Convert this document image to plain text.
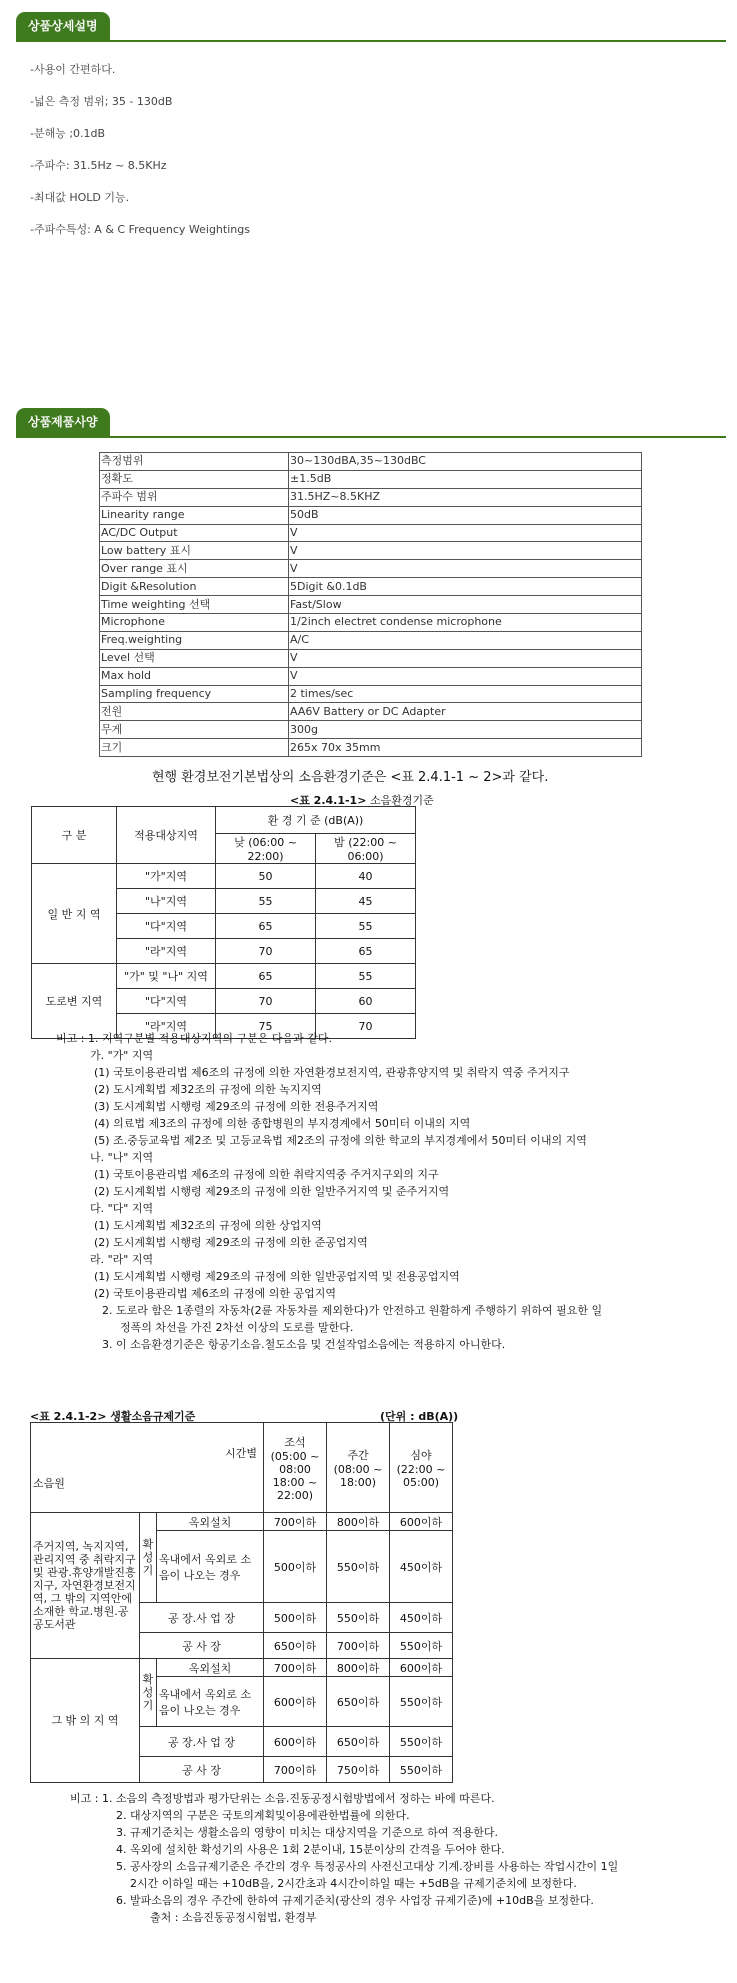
상품상세설명
-사용이 간편하다.
-넓은 측정 범위; 35 - 130dB
-분해능 ;0.1dB
-주파수: 31.5Hz ~ 8.5KHz
-최대값 HOLD 기능.
-주파수특성: A & C Frequency Weightings
상품제품사양
측정범위	30~130dBA,35~130dBC
정확도	±1.5dB
주파수 범위	31.5HZ~8.5KHZ
Linearity range	50dB
AC/DC Output	V
Low battery 표시	V
Over range 표시	V
Digit &Resolution	5Digit &0.1dB
Time weighting 선택	Fast/Slow
Microphone	1/2inch electret condense microphone
Freq.weighting	A/C
Level 선택	V
Max hold	V
Sampling frequency	2 times/sec
전원	AA6V Battery or DC Adapter
무게	300g
크기	265x 70x 35mm
현행 환경보전기본법상의 소음환경기준은 <표 2.4.1-1 ~ 2>과 같다.
<표 2.4.1-1> 소음환경기준
구 분	적용대상지역	환 경 기 준 (dB(A))	
		낮 (06:00 ~ 22:00)	밤 (22:00 ~ 06:00)
일 반 지 역	"가"지역	50	40
	"나"지역	55	45
	"다"지역	65	55
	"라"지역	70	65
도로변 지역	"가" 및 "나" 지역	65	55
	"다"지역	70	60
	"라"지역	75	70
비고 : 1. 지역구분별 적용대상지역의 구분은 다음과 같다.
가. "가" 지역
(1) 국토이용관리법 제6조의 규정에 의한 자연환경보전지역, 관광휴양지역 및 취락지 역중 주거지구
(2) 도시계획법 제32조의 규정에 의한 녹지지역
(3) 도시계획법 시행령 제29조의 규정에 의한 전용주거지역
(4) 의료법 제3조의 규정에 의한 종합병원의 부지경계에서 50미터 이내의 지역
(5) 조.중등교육법 제2조 및 고등교육법 제2조의 규정에 의한 학교의 부지경계에서 50미터 이내의 지역
나. "나" 지역
(1) 국토이용관리법 제6조의 규정에 의한 취락지역중 주거지구외의 지구
(2) 도시계획법 시행령 제29조의 규정에 의한 일반주거지역 및 준주거지역
다. "다" 지역
(1) 도시계획법 제32조의 규정에 의한 상업지역
(2) 도시계획법 시행령 제29조의 규정에 의한 준공업지역
라. "라" 지역
(1) 도시계획법 시행령 제29조의 규정에 의한 일반공업지역 및 전용공업지역
(2) 국토이용관리법 제6조의 규정에 의한 공업지역
2. 도로라 함은 1종렬의 자동차(2륜 자동차를 제외한다)가 안전하고 원활하게 주행하기 위하여 필요한 일
정폭의 차선을 가진 2차선 이상의 도로를 말한다.
3. 이 소음환경기준은 항공기소음.철도소음 및 건설작업소음에는 적용하지 아니한다.
<표 2.4.1-2> 생활소음규제기준	(단위 : dB(A))
시간별
소음원			조석 (05:00 ~ 08:00 18:00 ~ 22:00)	주간 (08:00 ~ 18:00)	심야 (22:00 ~ 05:00)
주거지역, 녹지지역, 관리지역 중 취락지구 및 관광.휴양개발진흥지구, 자연환경보전지역, 그 밖의 지역안에 소재한 학교.병원.공공도서관	확성기	옥외설치	700이하	800이하	600이하
		옥내에서 옥외로 소음이 나오는 경우	500이하	550이하	450이하
	공 장.사 업 장		500이하	550이하	450이하
	공 사 장		650이하	700이하	550이하
그 밖 의 지 역	확성기	옥외설치	700이하	800이하	600이하
		옥내에서 옥외로 소음이 나오는 경우	600이하	650이하	550이하
	공 장.사 업 장		600이하	650이하	550이하
	공 사 장		700이하	750이하	550이하
비고 : 1. 소음의 측정방법과 평가단위는 소음.진동공정시험방법에서 정하는 바에 따른다.
2. 대상지역의 구분은 국토의계획및이용에관한법률에 의한다.
3. 규제기준치는 생활소음의 영향이 미치는 대상지역을 기준으로 하여 적용한다.
4. 옥외에 설치한 확성기의 사용은 1회 2분이내, 15분이상의 간격을 두어야 한다.
5. 공사장의 소음규제기준은 주간의 경우 특정공사의 사전신고대상 기계.장비를 사용하는 작업시간이 1일
2시간 이하일 때는 +10dB을, 2시간초과 4시간이하일 때는 +5dB을 규제기준치에 보정한다.
6. 발파소음의 경우 주간에 한하여 규제기준치(광산의 경우 사업장 규제기준)에 +10dB을 보정한다.
출처 : 소음진동공정시험법, 환경부
